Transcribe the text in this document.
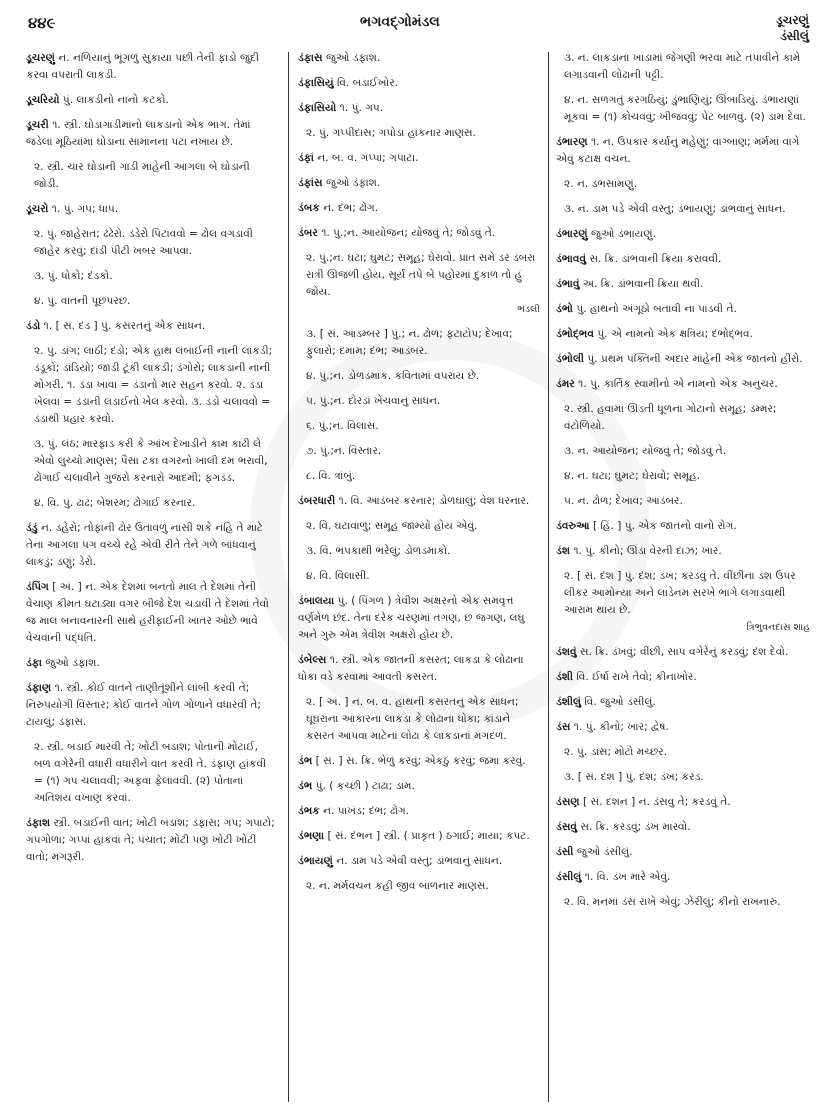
૪૪૯	ભગવદ્ગોમંડલ	ડૂચરણું
ડંસીલું
ડૂચરણું ન. નળિયાનું ભૂંગળું સુકાયા પછી તેની ફાડો જુદી કરવા વપરાતી લાકડી.
ડૂચરિયો પું. લાકડીનો નાનો કટકો.
ડૂચરી ૧. સ્ત્રી. ઘોડાગાડીમાંનો લાકડાનો એક ભાગ. તેમાં જડેલાં મૂઠિયાંમાં ઘોડાના સામાનના પટા નખાય છે.
૨. સ્ત્રી. ચાર ઘોડાની ગાડી માંહેની આગલા બે ઘોડાની જોડી.
ડૂચરો ૧. પું. ગપ; ધાપ.
૨. પું. જાહેરાત; ઢંઢેરો. ડંડેરો પિટાવવો = ઢોલ વગડાવી જાહેર કરવું; દાંડી પીટી ખબર આપવા.
૩. પું. ધોકો; દંડકો.
૪. પું. વાતની પૂછપરછ.
ડંડો ૧. [ સં. દંડ ] પું. કસરતનું એક સાધન.
૨. પું. ડાંગ; લાઠી; દંડો; એક હાથ લંબાઈની નાની લાકડી; ડંડૂકો; ડાંડિયો; જાડી ટૂંકી લાકડી; ડંગોરો; લાકડાની નાની મોગરી. ૧. ડંડા ખાવા = ડંડાનો માર સહન કરવો. ૨. ડંડા ખેલવા = ડંડાની લડાઈનો ખેલ કરવો. ૩. ડંડો ચલાવવો = ડંડાથી પ્રહાર કરવો.
૩. પું. લંઠ; મારફાડ કરી કે આંખ દેખાડીને કામ કાઢી લે એવો લુચ્ચો માણસ; પૈસા ટકા વગરનો ખાલી દમ ભરાવી, ઢોંગાઈ ચલાવીને ગુજરો કરનારો આદમી; ફગડંડ.
૪. વિ. પું. ઢાઢ; બેશરમ; ઢોંગાઈ કરનાર.
ડંડું ન. ડહેરો; તોફાની ઢોર ઉતાવળું નાસી શકે નહિ તે માટે તેના આગલા પગ વચ્ચે રહે એવી રીતે તેને ગળે બાંધવાનું લાકડું; ડણું; ડેરો.
ડંપિંગ [ અં. ] ન. એક દેશમાં બનતો માલ તે દેશમાં તેની વેચાણ કીમત ઘટાડ્યા વગર બીજે દેશ ચડાવી તે દેશમાં તેવો જ માલ બનાવનારની સાથે હરીફાઈની ખાતર ઓછે ભાવે વેચવાની પદ્ધતિ.
ડંફા જુઓ ડંફાશ.
ડંફાણ ૧. સ્ત્રી. કોઈ વાતને તાણીતૂંશીને લાંબી કરવી તે; નિરુપયોગી વિસ્તાર; કોઈ વાતને ગોળ ગોળાને વધારવી તે; ટાયલું; ડંફાસ.
૨. સ્ત્રી. બડાઈ મારવી તે; ખોટી બડાશ; પોતાની મોટાઈ, બળ વગેરેની વધારી વધારીને વાત કરવી તે. ડંફાણ હાંકવી = (૧) ગપ ચલાવવી; અફવા ફેલાવવી. (૨) પોતાનાં અતિશય વખાણ કરવાં.
ડંફાશ સ્ત્રી. બડાઈની વાત; ખોટી બડાશ; ડંફાસ; ગપ; ગપાટો; ગપગોળા; ગપ્પાં હાંકવાં તે; પંચાત; મોટી પણ ખોટી ખોટી વાતો; મગરૂરી.
ડંફાસ જુઓ ડંફાશ.
ડંફાસિયું વિ. બડાઈખોર.
ડંફાસિયો ૧. પું. ગપ.
૨. પું. ગપ્પીદાસ; ગપોડા હાંકનાર માણસ.
ડંફાં ન. બ. વ. ગપ્પાં; ગપાટા.
ડંફાંસ જુઓ ડંફાશ.
ડંબક ન. દંભ; ઢોંગ.
ડંબર ૧. પું.;ન. આયોજન; યોજવું તે; જોડવું તે.
૨. પું.;ન. ઘટા; ઘુમટ; સમૂહ; ઘેરાવો. પ્રાત સમે ડર ડંબરા રાત્રી ઊજળી હોય, સૂર્ય તપે બે પહોરમાં દુકાળ તો હું જોય.
ભડલી
૩. [ સં. આડમ્બર ] પું.; ન. ઢોળ; ફટાટોપ; દેખાવ; ફુલારો; દમામ; દંભ; આડંબર.
૪. પું.;ન. ડોળડમાક. કવિતામાં વપરાય છે.
૫. પું.;ન. દોરડાં ખેંચવાનું સાધન.
૬. પું.;ન. વિલાસ.
૭. પું.;ન. વિસ્તાર.
૮. વિ. ત્રાંબું.
ડંબરધારી ૧. વિ. આડંબર કરનાર; ડોળઘાલું; વેશ ધરનાર.
૨. વિ. ઘટાવાળું; સમૂહ જામ્યો હોય એવું.
૩. વિ. ભપકાથી ભરેલું; ડોળડમાકો.
૪. વિ. વિલાસી.
ડંબાલયા પું. ( પિંગળ ) ત્રેવીશ અક્ષરનો એક સમવૃત્ત વર્ણમેળ છંદ. તેના દરેક ચરણમાં તગણ, છ જગણ, લઘુ અને ગુરુ એમ ત્રેવીશ અક્ષરો હોય છે.
ડંબેલ્સ ૧. સ્ત્રી. એક જાતની કસરત; લાકડા કે લોઢાના ધોકા વડે કરવામાં આવતી કસરત.
૨. [ અં. ] ન. બ. વ. હાથની કસરતનું એક સાધન; ઘૂઘરાના આકારના લાકડા કે લોઢાના ધોકા; કાંડાને કસરત આપવા માટેનાં લોઢા કે લાકડાનાં મગદળ.
ડંભ [ સં. ] સ. ક્રિ. ભેળું કરવું; એકઠું કરવું; જમા કરવું.
ડંભ પું. ( કચ્છી ) ટાઢા; ડામ.
ડંભક ન. પાખંડ; દંભ; ઢોંગ.
ડંભણા [ સં. દંભન ] સ્ત્રી. ( પ્રાકૃત ) ઠગાઈ; માયા; કપટ.
ડંભાયણું ન. ડામ પડે એવી વસ્તુ; ડાંભવાનું સાધન.
૨. ન. મર્મવચન કહી જીવ બાળનાર માણસ.
૩. ન. લાકડાના ખાડામાં જેગણી ભરવા માટે તપાવીને કામે લગાડવાની લોઢાની પટ્ટી.
૪. ન. સળગતું કરગઠિયું; ડુંભાણિયું; ઊંબાડિયું. ડંભાયણાં મૂકવાં = (૧) કોચવવું; ખીજવવું; પેટ બાળવું. (૨) ડામ દેવા.
ડંભારણ ૧. ન. ઉપકાર કર્યાનું મહેણું; વાગ્બાણ; મર્મમાં વાગે એવું કટાક્ષ વચન.
૨. ન. ડભસામણું.
૩. ન. ડામ પડે એવી વસ્તુ; ડંભાયણું; ડાંભવાનું સાધન.
ડંભારણું જુઓ ડંભાયણું.
ડંભાવવું સ. ક્રિ. ડાંભવાની ક્રિયા કરાવવી.
ડંભાવું અ. ક્રિ. ડાંભવાની ક્રિયા થવી.
ડંભો પું. હાથનો અંગૂઠો બતાવી ના પાડવી તે.
ડંભોદ્ભવ પું. એ નામનો એક ક્ષત્રિય; દંભોદ્ભવ.
ડંભોલી પું. પ્રથમ પંક્તિની અદાર માંહેની એક જાતનો હીરો.
ડંમર ૧. પું. કાર્તિક સ્વામીનો એ નામનો એક અનુચર.
૨. સ્ત્રી. હવામાં ઊડતી ધૂળના ગોટાનો સમૂહ; ડમ્મર; વંટોળિયો.
૩. ન. આયોજન; યોજવું તે; જોડવું તે.
૪. ન. ઘટા; ઘુમટ; ઘેરાવો; સમૂહ.
૫. ન. ઢોળ; દેખાવ; આડંબર.
ડંવરુઆ [ હિં. ] પું. એક જાતનો વાનો રોગ.
ડંશ ૧. પું. કીનો; ઊંડા વેરની દાઝ; ખાર.
૨. [ સં. દંશ ] પું. દંશ; ડંખ; કરડવું તે. વીંછીના ડંશ ઉપર લીકર આમોન્યા અને લાડેનમ સરખે ભાગે લગાડવાથી આરામ થાય છે.
ત્રિભુવનદાસ શાહ
ડંશવું સ. ક્રિ. ડંખવું; વીંછી, સાપ વગેરેનું કરડવું; દંશ દેવો.
ડંશી વિ. ઈર્ષા રાખે તેવો; કીનાખોર.
ડંશીલું વિ. જુઓ ડંસીલું.
ડંસ ૧. પું. કીનો; ખાર; દ્વેષ.
૨. પું. ડાંસ; મોટો મચ્છર.
૩. [ સં. દંશ ] પું. દંશ; ડંખ; કરડ.
ડંસણ [ સં. દશન ] ન. ડંસવુ તે; કરડવું તે.
ડંસવું સ. ક્રિ. કરડવું; ડંખ મારવો.
ડંસી જુઓ ડંસીલું.
ડંસીલું ૧. વિ. ડંખ મારે એવું.
૨. વિ. મનમાં ડંસ રાખે એવું; ઝેરીલું; કીનો રાખનારું.
